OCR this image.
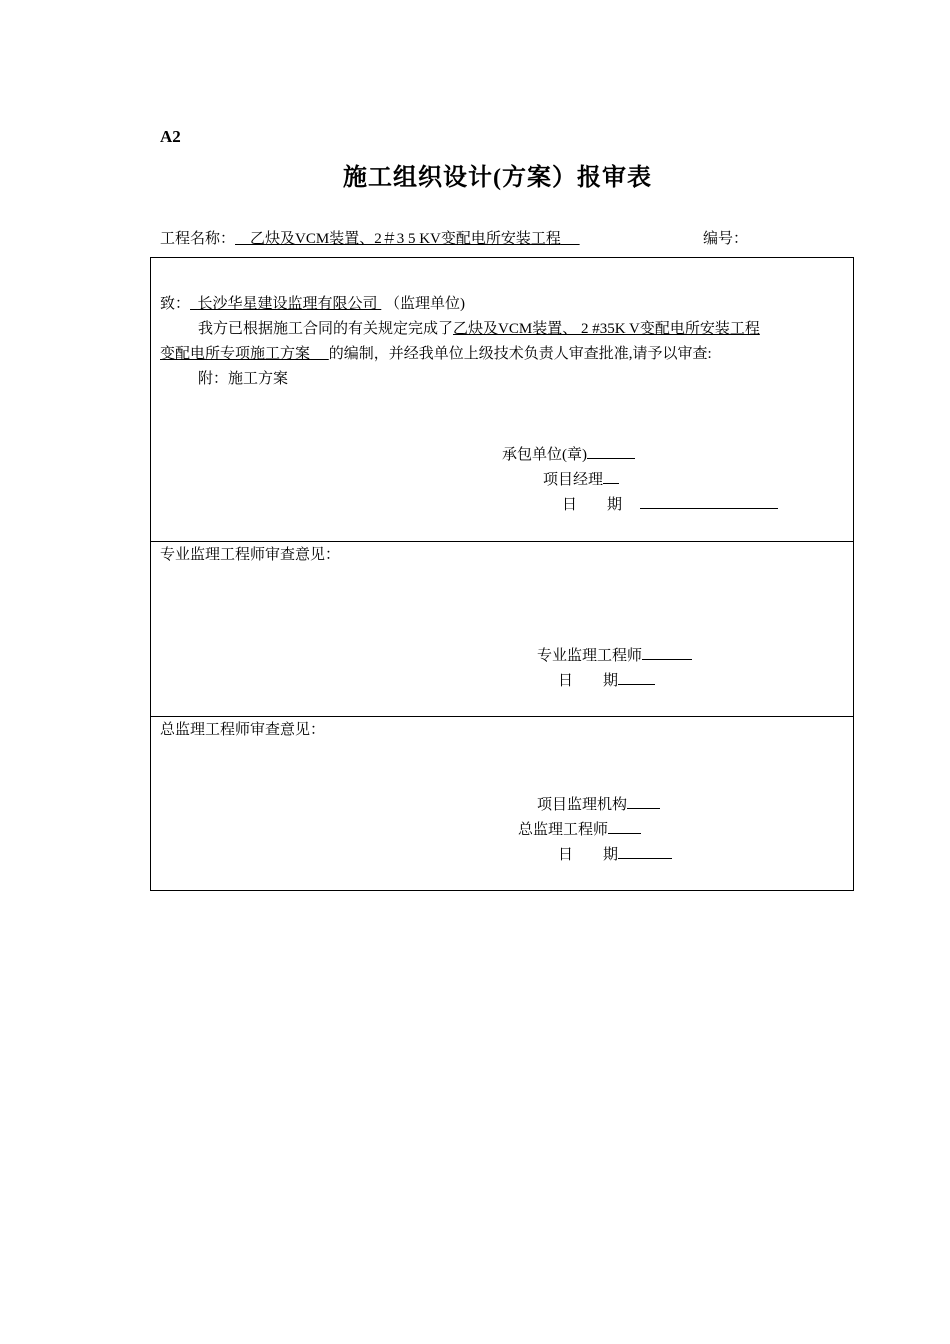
A2
施工组织设计(方案）报审表
工程名称： 乙炔及VCM装置、2＃3 5 KV变配电所安装工程	编号：
致： 长沙华星建设监理有限公司 （监理单位)
我方已根据施工合同的有关规定完成了乙炔及VCM装置、 2 #35K V变配电所安装工程
变配电所专项施工方案 的编制，并经我单位上级技术负责人审查批准,请予以审查:
附：施工方案
承包单位(章)
项目经理
日　　期
专业监理工程师审查意见：
专业监理工程师
日　　期
总监理工程师审查意见：
项目监理机构
总监理工程师
日　　期
